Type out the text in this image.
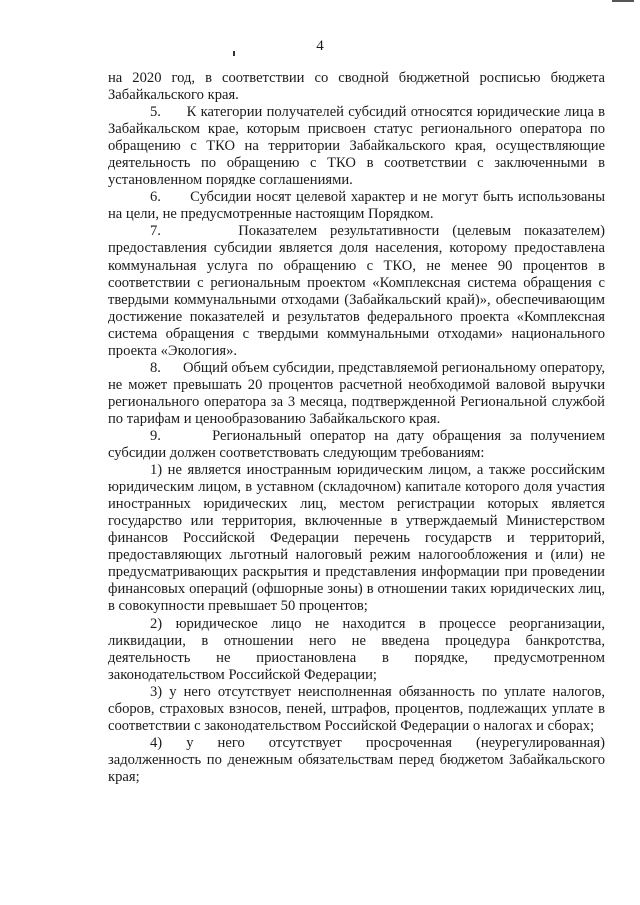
4

на 2020 год, в соответствии со сводной бюджетной росписью бюджета Забайкальского края.

5.      К категории получателей субсидий относятся юридические лица в Забайкальском крае, которым присвоен статус регионального оператора по обращению с ТКО на территории Забайкальского края, осуществляющие деятельность по обращению с ТКО в соответствии с заключенными в установленном порядке соглашениями.

6.      Субсидии носят целевой характер и не могут быть использованы на цели, не предусмотренные настоящим Порядком.

7.      Показателем результативности (целевым показателем) предоставления субсидии является доля населения, которому предоставлена коммунальная услуга по обращению с ТКО, не менее 90 процентов в соответствии с региональным проектом «Комплексная система обращения с твердыми коммунальными отходами (Забайкальский край)», обеспечивающим достижение показателей и результатов федерального проекта «Комплексная система обращения с твердыми коммунальными отходами» национального проекта «Экология».

8.      Общий объем субсидии, представляемой региональному оператору, не может превышать 20 процентов расчетной необходимой валовой выручки регионального оператора за 3 месяца, подтвержденной Региональной службой по тарифам и ценообразованию Забайкальского края.

9.      Региональный оператор на дату обращения за получением субсидии должен соответствовать следующим требованиям:

1) не является иностранным юридическим лицом, а также российским юридическим лицом, в уставном (складочном) капитале которого доля участия иностранных юридических лиц, местом регистрации которых является государство или территория, включенные в утверждаемый Министерством финансов Российской Федерации перечень государств и территорий, предоставляющих льготный налоговый режим налогообложения и (или) не предусматривающих раскрытия и представления информации при проведении финансовых операций (офшорные зоны) в отношении таких юридических лиц, в совокупности превышает 50 процентов;

2) юридическое лицо не находится в процессе реорганизации, ликвидации, в отношении него не введена процедура банкротства, деятельность не приостановлена в порядке, предусмотренном законодательством Российской Федерации;

3) у него отсутствует неисполненная обязанность по уплате налогов, сборов, страховых взносов, пеней, штрафов, процентов, подлежащих уплате в соответствии с законодательством Российской Федерации о налогах и сборах;

4)    у    него    отсутствует    просроченная    (неурегулированная) задолженность по денежным обязательствам перед бюджетом Забайкальского края;
